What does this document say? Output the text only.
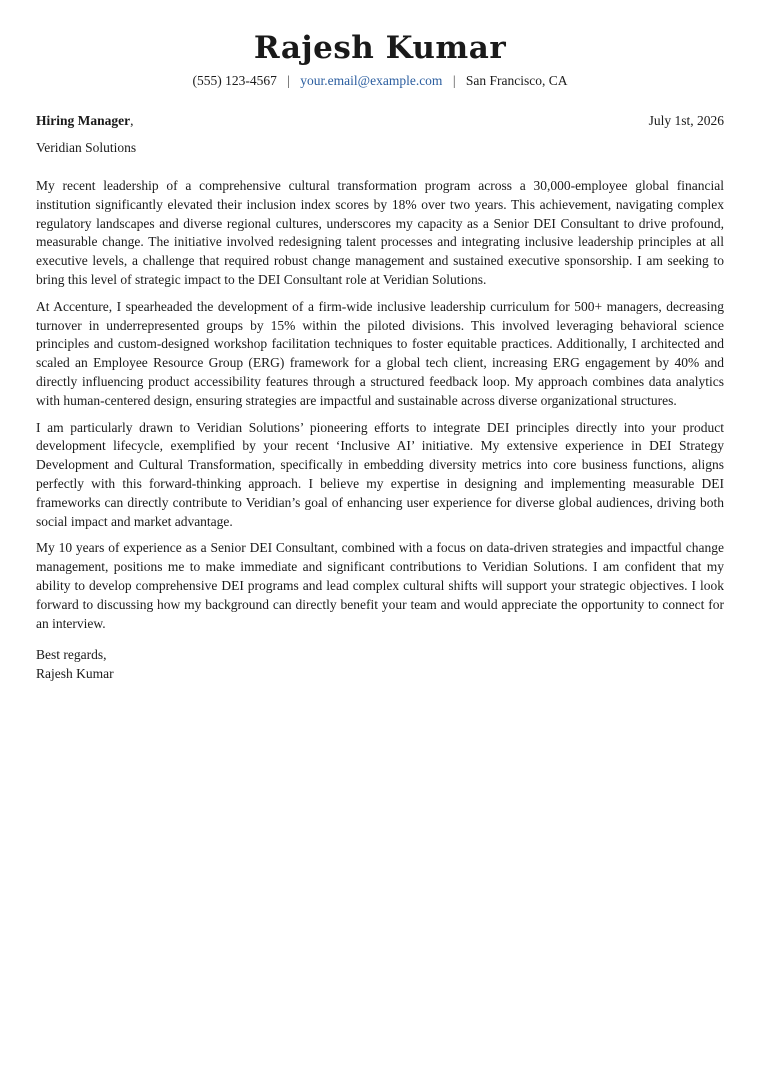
Rajesh Kumar
(555) 123-4567 | your.email@example.com | San Francisco, CA
Hiring Manager,	July 1st, 2026
Veridian Solutions

My recent leadership of a comprehensive cultural transformation program across a 30,000-employee global financial institution significantly elevated their inclusion index scores by 18% over two years. This achievement, navigating complex regulatory landscapes and diverse regional cultures, underscores my capacity as a Senior DEI Consultant to drive profound, measurable change. The initiative involved redesigning talent processes and integrating inclusive leadership principles at all executive levels, a challenge that required robust change management and sustained executive sponsorship. I am seeking to bring this level of strategic impact to the DEI Consultant role at Veridian Solutions.

At Accenture, I spearheaded the development of a firm-wide inclusive leadership curriculum for 500+ managers, decreasing turnover in underrepresented groups by 15% within the piloted divisions. This involved leveraging behavioral science principles and custom-designed workshop facilitation techniques to foster equitable practices. Additionally, I architected and scaled an Employee Resource Group (ERG) framework for a global tech client, increasing ERG engagement by 40% and directly influencing product accessibility features through a structured feedback loop. My approach combines data analytics with human-centered design, ensuring strategies are impactful and sustainable across diverse organizational structures.

I am particularly drawn to Veridian Solutions’ pioneering efforts to integrate DEI principles directly into your product development lifecycle, exemplified by your recent ‘Inclusive AI’ initiative. My extensive experience in DEI Strategy Development and Cultural Transformation, specifically in embedding diversity metrics into core business functions, aligns perfectly with this forward-thinking approach. I believe my expertise in designing and implementing measurable DEI frameworks can directly contribute to Veridian’s goal of enhancing user experience for diverse global audiences, driving both social impact and market advantage.

My 10 years of experience as a Senior DEI Consultant, combined with a focus on data-driven strategies and impactful change management, positions me to make immediate and significant contributions to Veridian Solutions. I am confident that my ability to develop comprehensive DEI programs and lead complex cultural shifts will support your strategic objectives. I look forward to discussing how my background can directly benefit your team and would appreciate the opportunity to connect for an interview.

Best regards,
Rajesh Kumar
